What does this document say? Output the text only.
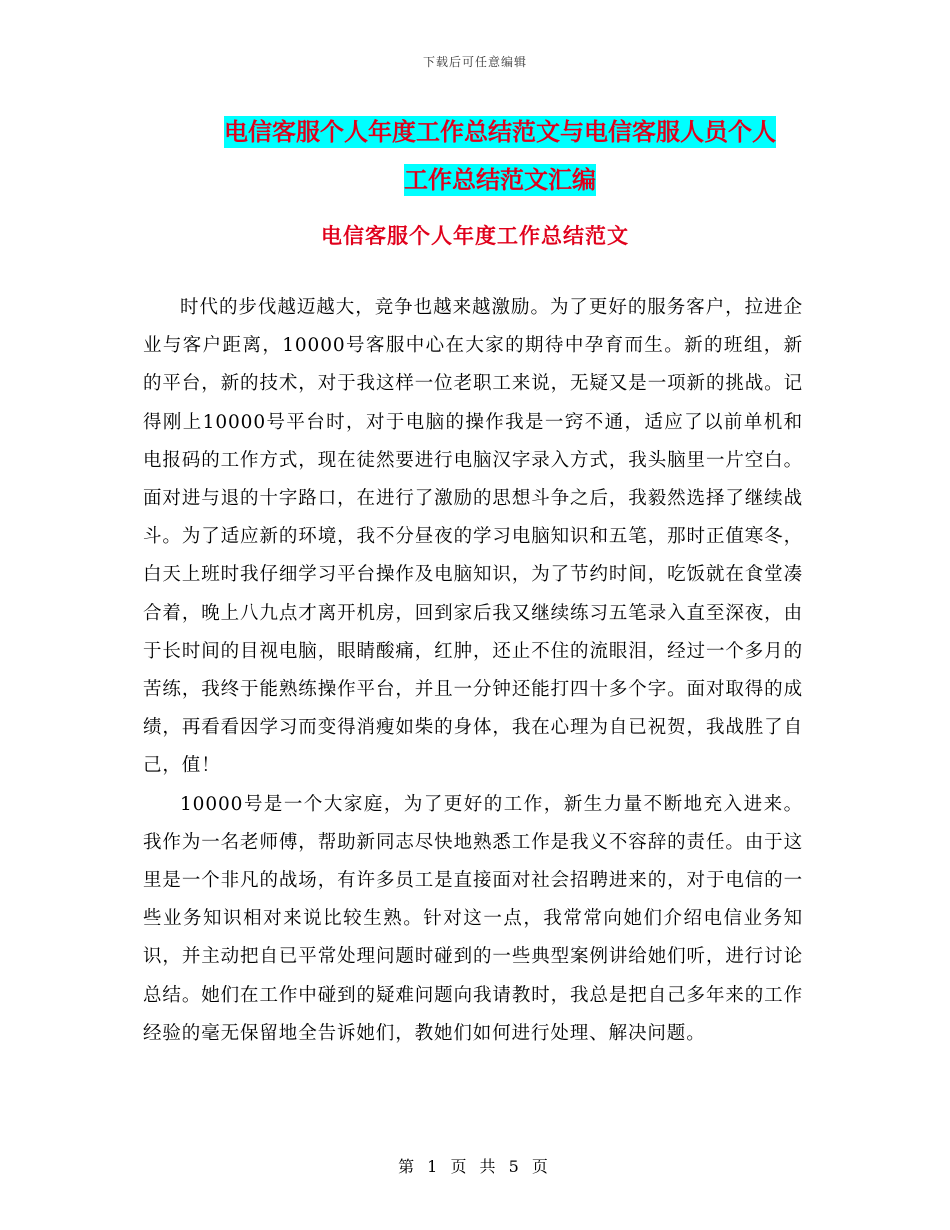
下载后可任意编辑
电信客服个人年度工作总结范文与电信客服人员个人
工作总结范文汇编
电信客服个人年度工作总结范文

时代的步伐越迈越大，竞争也越来越激励。为了更好的服务客户，拉进企业与客户距离，10000号客服中心在大家的期待中孕育而生。新的班组，新的平台，新的技术，对于我这样一位老职工来说，无疑又是一项新的挑战。记得刚上10000号平台时，对于电脑的操作我是一窍不通，适应了以前单机和电报码的工作方式，现在徒然要进行电脑汉字录入方式，我头脑里一片空白。面对进与退的十字路口，在进行了激励的思想斗争之后，我毅然选择了继续战斗。为了适应新的环境，我不分昼夜的学习电脑知识和五笔，那时正值寒冬，白天上班时我仔细学习平台操作及电脑知识，为了节约时间，吃饭就在食堂凑合着，晚上八九点才离开机房，回到家后我又继续练习五笔录入直至深夜，由于长时间的目视电脑，眼睛酸痛，红肿，还止不住的流眼泪，经过一个多月的苦练，我终于能熟练操作平台，并且一分钟还能打四十多个字。面对取得的成绩，再看看因学习而变得消瘦如柴的身体，我在心理为自已祝贺，我战胜了自己，值！

10000号是一个大家庭，为了更好的工作，新生力量不断地充入进来。我作为一名老师傅，帮助新同志尽快地熟悉工作是我义不容辞的责任。由于这里是一个非凡的战场，有许多员工是直接面对社会招聘进来的，对于电信的一些业务知识相对来说比较生熟。针对这一点，我常常向她们介绍电信业务知识，并主动把自已平常处理问题时碰到的一些典型案例讲给她们听，进行讨论总结。她们在工作中碰到的疑难问题向我请教时，我总是把自己多年来的工作经验的毫无保留地全告诉她们，教她们如何进行处理、解决问题。

第 1 页 共 5 页
